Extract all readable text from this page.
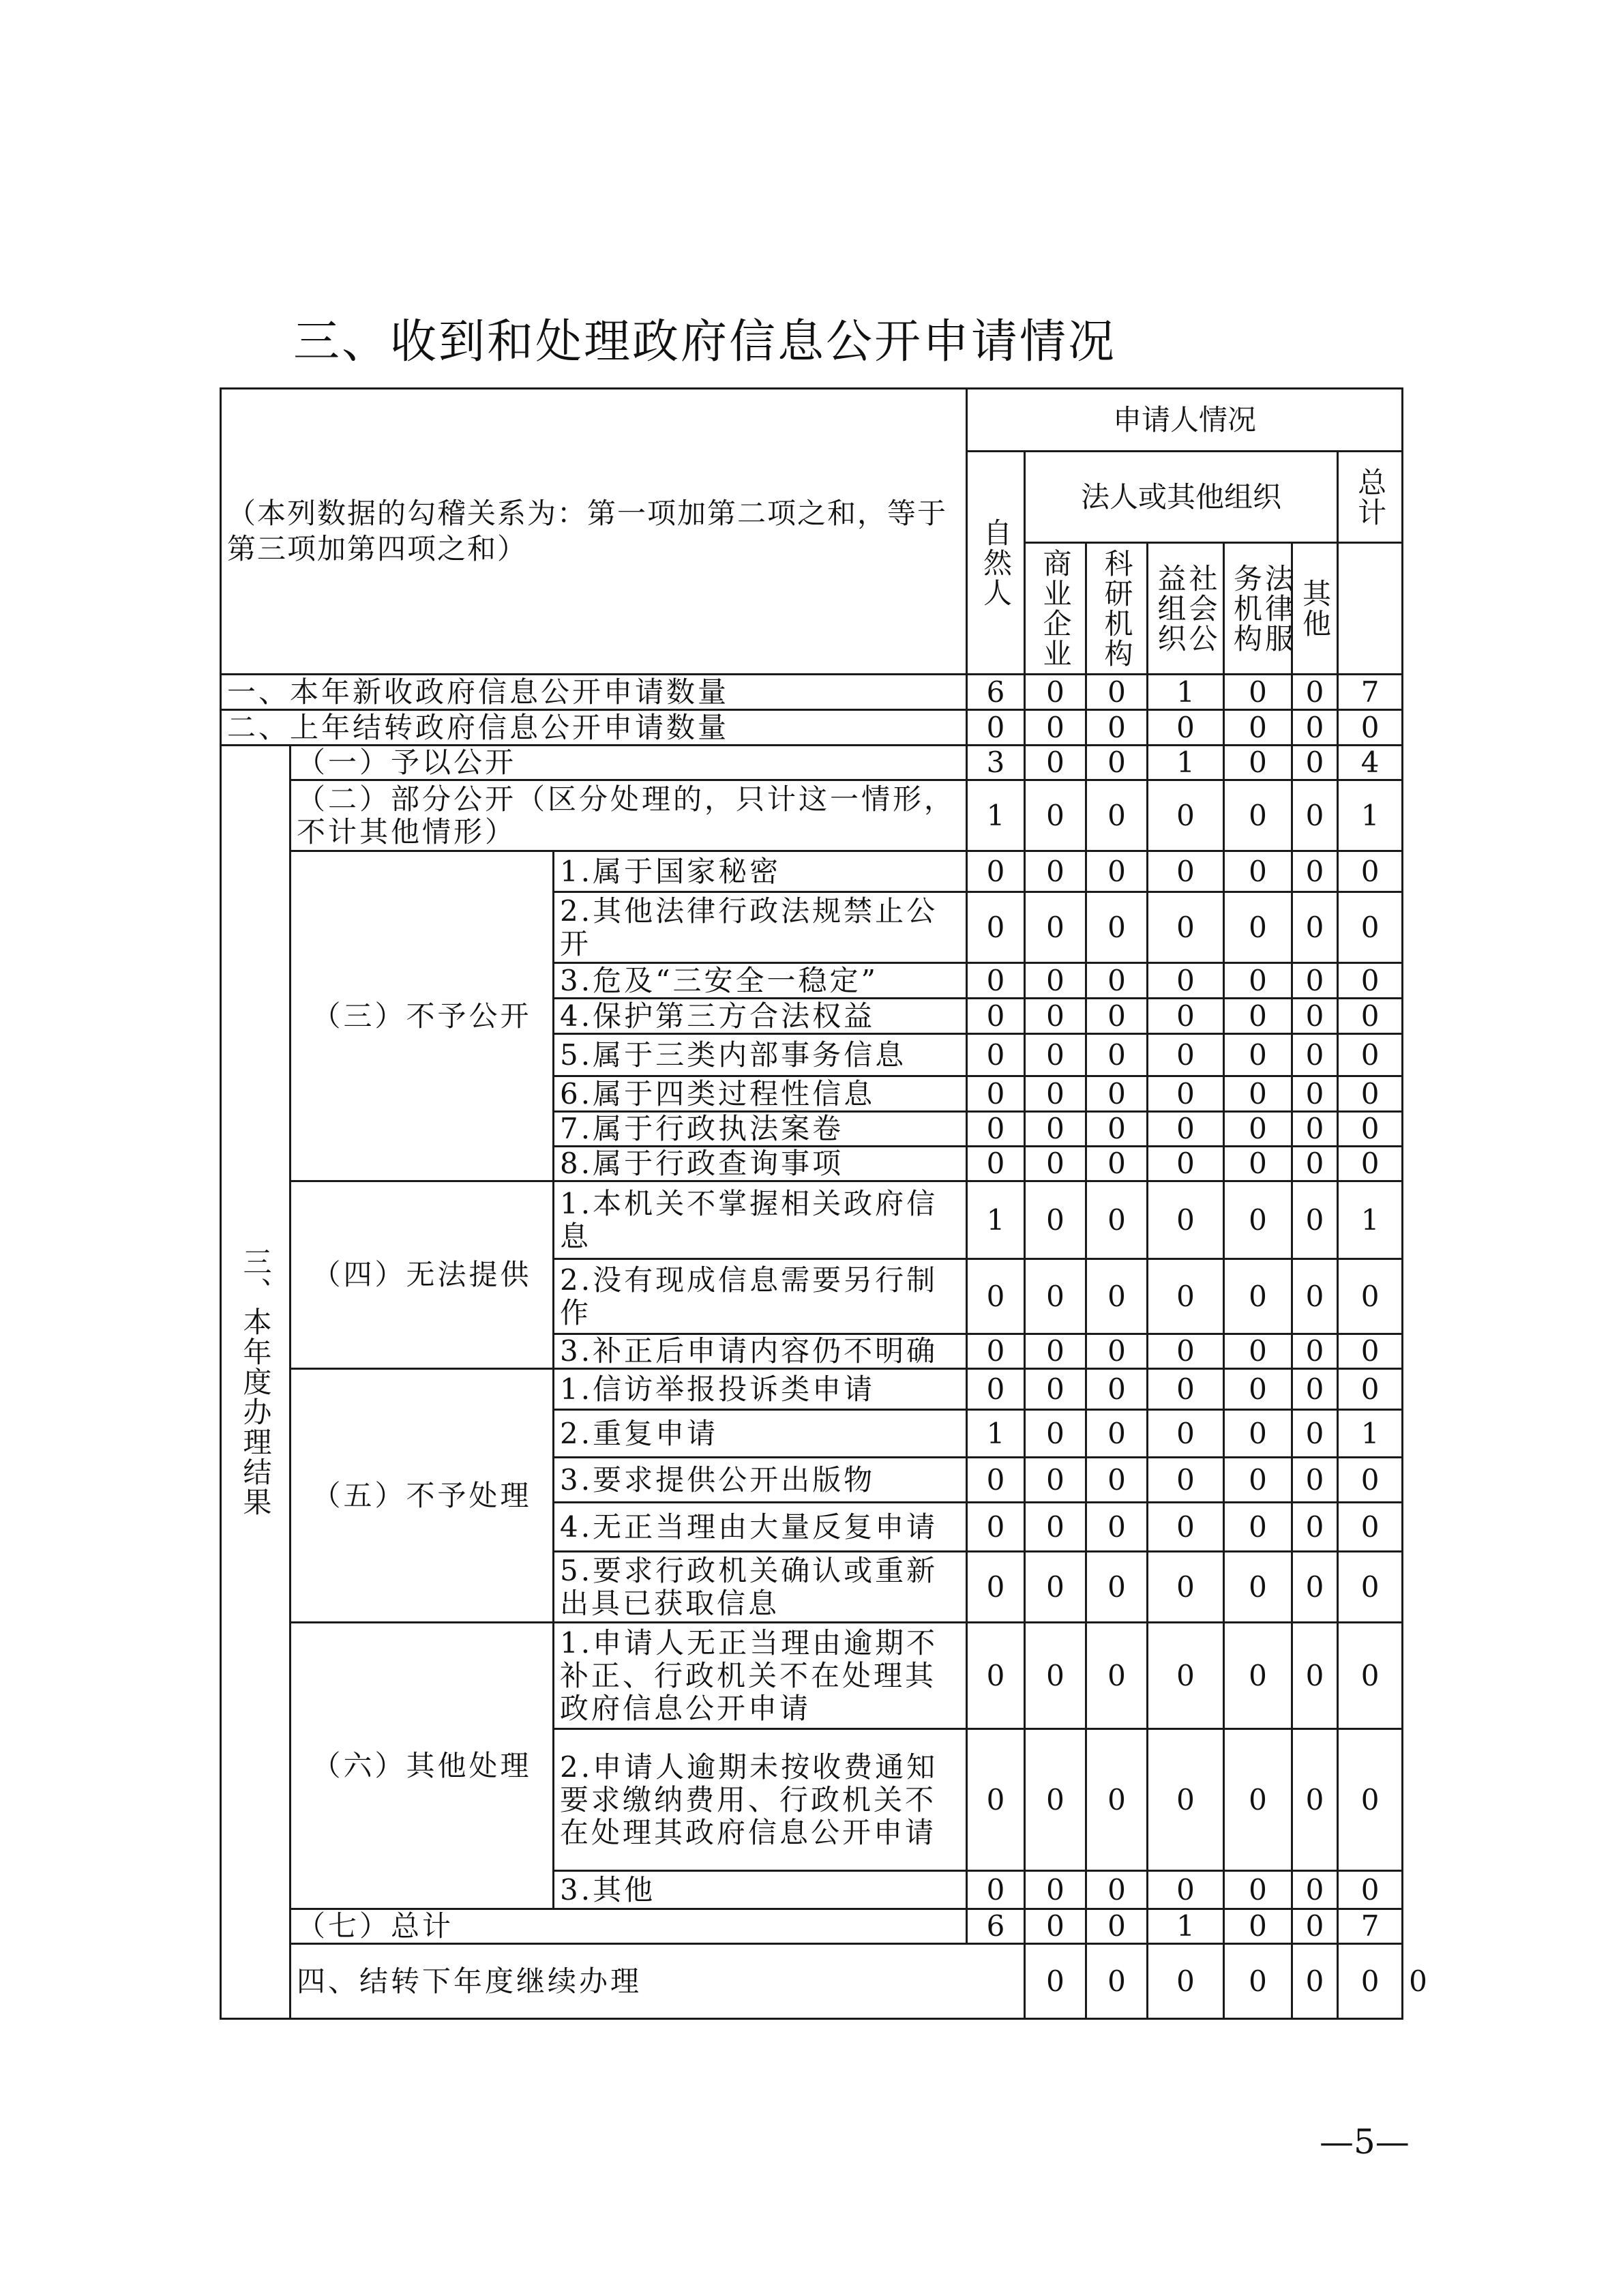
三、收到和处理政府信息公开申请情况
（本列数据的勾稽关系为：第一项加第二项之和，等于第三项加第四项之和）			申请人情况							

			自然人	法人或其他组织					总计	

				商业企业	科研机构	社会公益组织	法律服务机构	其他		

一、本年新收政府信息公开申请数量			6	0	0	1	0	0	7	
二、上年结转政府信息公开申请数量			0	0	0	0	0	0	0	

三、本年度办理结果	（一）予以公开		3	0	0	1	0	0	4	
	（二）部分公开（区分处理的，只计这一情形，不计其他情形）		1	0	0	0	0	0	1	
	（三）不予公开	1.属于国家秘密	0	0	0	0	0	0	0	
		2.其他法律行政法规禁止公开	0	0	0	0	0	0	0	
		3.危及“三安全一稳定”	0	0	0	0	0	0	0	
		4.保护第三方合法权益	0	0	0	0	0	0	0	
		5.属于三类内部事务信息	0	0	0	0	0	0	0	
		6.属于四类过程性信息	0	0	0	0	0	0	0	
		7.属于行政执法案卷	0	0	0	0	0	0	0	
		8.属于行政查询事项	0	0	0	0	0	0	0	
	（四）无法提供	1.本机关不掌握相关政府信息	1	0	0	0	0	0	1	
		2.没有现成信息需要另行制作	0	0	0	0	0	0	0	
		3.补正后申请内容仍不明确	0	0	0	0	0	0	0	
	（五）不予处理	1.信访举报投诉类申请	0	0	0	0	0	0	0	
		2.重复申请	1	0	0	0	0	0	1	
		3.要求提供公开出版物	0	0	0	0	0	0	0	
		4.无正当理由大量反复申请	0	0	0	0	0	0	0	
		5.要求行政机关确认或重新出具已获取信息	0	0	0	0	0	0	0	
	（六）其他处理	1.申请人无正当理由逾期不补正、行政机关不在处理其政府信息公开申请	0	0	0	0	0	0	0	
		2.申请人逾期未按收费通知要求缴纳费用、行政机关不在处理其政府信息公开申请	0	0	0	0	0	0	0	
		3.其他	0	0	0	0	0	0	0	
	（七）总计		6	0	0	1	0	0	7	
	四、结转下年度继续办理			0	0	0	0	0	0	0
—5—
